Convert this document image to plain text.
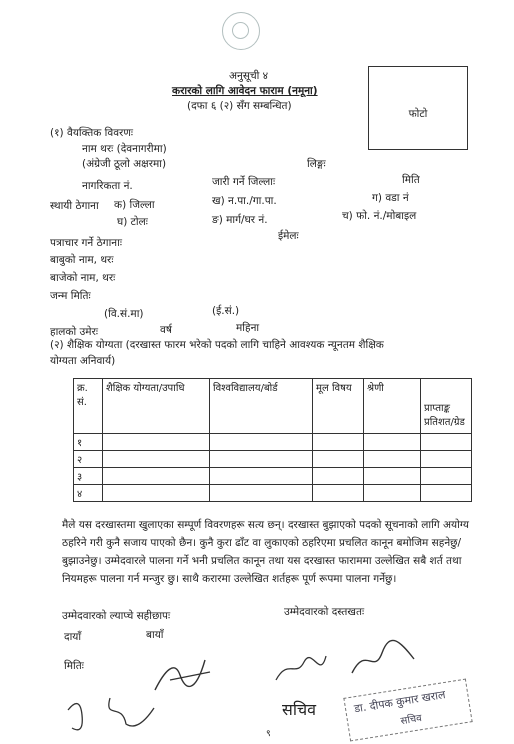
अनुसूची ४
करारको लागि आवेदन फाराम (नमूना)
(दफा ६ (२) सँग सम्बन्धित)
फोटो
(१) वैयक्तिक विवरणः
नाम थरः (देवनागरीमा)
(अंग्रेजी ठूलो अक्षरमा)	लिङ्गः
नागरिकता नं.	जारी गर्ने जिल्लाः	मिति
स्थायी ठेगाना क) जिल्ला	ख) न.पा./गा.पा.	ग) वडा नं
घ) टोलः	ङ) मार्ग/घर नं.	च) फो. नं./मोबाइल
ईमेलः
पत्राचार गर्ने ठेगानाः
बाबुको नाम, थरः
बाजेको नाम, थरः
जन्म मितिः
(वि.सं.मा)	(ई.सं.)
हालको उमेरः	वर्ष	महिना
(२) शैक्षिक योग्यता (दरखास्त फारम भरेको पदको लागि चाहिने आवश्यक न्यूनतम शैक्षिक
योग्यता अनिवार्य)
क्र. सं.	शैक्षिक योग्यता/उपाधि	विश्वविद्यालय/बोर्ड	मूल विषय	श्रेणी	प्राप्ताङ्क प्रतिशत/ग्रेड

१					
२					
३					
४					
मैले यस दरखास्तमा खुलाएका सम्पूर्ण विवरणहरू सत्य छन्। दरखास्त बुझाएको पदको सूचनाको लागि अयोग्य ठहरिने गरी कुनै सजाय पाएको छैन। कुनै कुरा ढाँट वा लुकाएको ठहरिएमा प्रचलित कानून बमोजिम सहनेछु/बुझाउनेछु। उम्मेदवारले पालना गर्ने भनी प्रचलित कानून तथा यस दरखास्त फाराममा उल्लेखित सबै शर्त तथा नियमहरू पालना गर्न मन्जुर छु। साथै करारमा उल्लेखित शर्तहरू पूर्ण रूपमा पालना गर्नेछु।
उम्मेदवारको ल्याप्चे सहीछापः	उम्मेदवारको दस्तखतः
दायाँ	बायाँ
मितिः
सचिव	डा. दीपक कुमार खराल
सचिव
९
